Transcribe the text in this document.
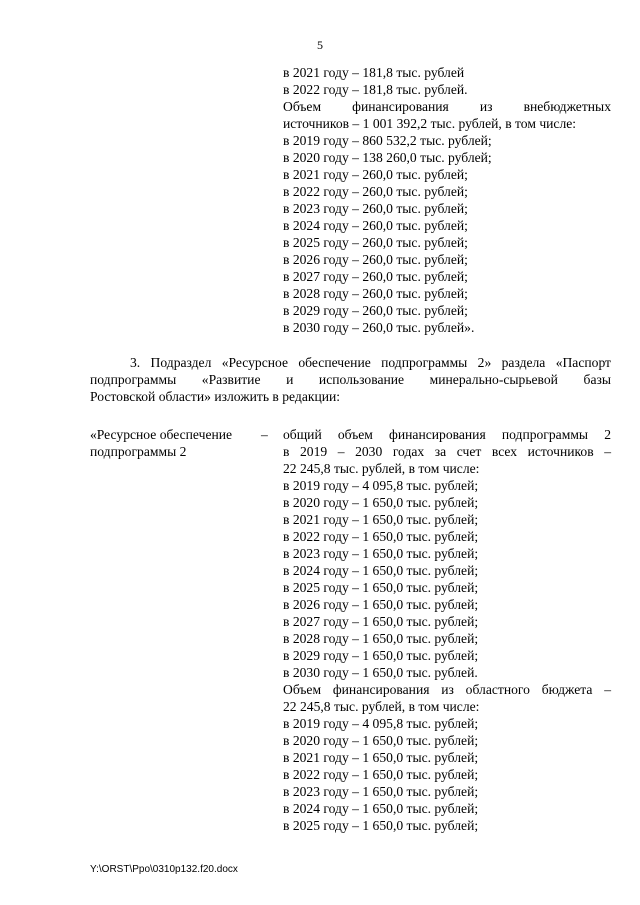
5
в 2021 году – 181,8 тыс. рублей
в 2022 году – 181,8 тыс. рублей.
Объем финансирования из внебюджетных
источников – 1 001 392,2 тыс. рублей, в том числе:
в 2019 году – 860 532,2 тыс. рублей;
в 2020 году – 138 260,0 тыс. рублей;
в 2021 году – 260,0 тыс. рублей;
в 2022 году – 260,0 тыс. рублей;
в 2023 году – 260,0 тыс. рублей;
в 2024 году – 260,0 тыс. рублей;
в 2025 году – 260,0 тыс. рублей;
в 2026 году – 260,0 тыс. рублей;
в 2027 году – 260,0 тыс. рублей;
в 2028 году – 260,0 тыс. рублей;
в 2029 году – 260,0 тыс. рублей;
в 2030 году – 260,0 тыс. рублей».
3. Подраздел «Ресурсное обеспечение подпрограммы 2» раздела «Паспорт
подпрограммы «Развитие и использование минерально-сырьевой базы
Ростовской области» изложить в редакции:
«Ресурсное обеспечение
подпрограммы 2
– общий объем финансирования подпрограммы 2
в 2019 – 2030 годах за счет всех источников –
22 245,8 тыс. рублей, в том числе:
в 2019 году – 4 095,8 тыс. рублей;
в 2020 году – 1 650,0 тыс. рублей;
в 2021 году – 1 650,0 тыс. рублей;
в 2022 году – 1 650,0 тыс. рублей;
в 2023 году – 1 650,0 тыс. рублей;
в 2024 году – 1 650,0 тыс. рублей;
в 2025 году – 1 650,0 тыс. рублей;
в 2026 году – 1 650,0 тыс. рублей;
в 2027 году – 1 650,0 тыс. рублей;
в 2028 году – 1 650,0 тыс. рублей;
в 2029 году – 1 650,0 тыс. рублей;
в 2030 году – 1 650,0 тыс. рублей.
Объем финансирования из областного бюджета –
22 245,8 тыс. рублей, в том числе:
в 2019 году – 4 095,8 тыс. рублей;
в 2020 году – 1 650,0 тыс. рублей;
в 2021 году – 1 650,0 тыс. рублей;
в 2022 году – 1 650,0 тыс. рублей;
в 2023 году – 1 650,0 тыс. рублей;
в 2024 году – 1 650,0 тыс. рублей;
в 2025 году – 1 650,0 тыс. рублей;
Y:\ORST\Ppo\0310p132.f20.docx
